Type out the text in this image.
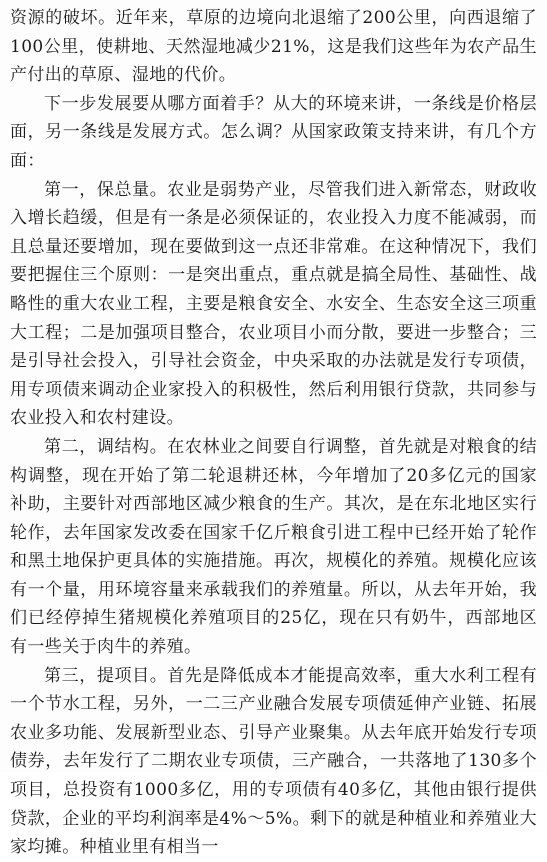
资源的破坏。近年来，草原的边境向北退缩了200公里，向西退缩了100公里，使耕地、天然湿地减少21%，这是我们这些年为农产品生产付出的草原、湿地的代价。

下一步发展要从哪方面着手？从大的环境来讲，一条线是价格层面，另一条线是发展方式。怎么调？从国家政策支持来讲，有几个方面：

第一，保总量。农业是弱势产业，尽管我们进入新常态，财政收入增长趋缓，但是有一条是必须保证的，农业投入力度不能减弱，而且总量还要增加，现在要做到这一点还非常难。在这种情况下，我们要把握住三个原则：一是突出重点，重点就是搞全局性、基础性、战略性的重大农业工程，主要是粮食安全、水安全、生态安全这三项重大工程；二是加强项目整合，农业项目小而分散，要进一步整合；三是引导社会投入，引导社会资金，中央采取的办法就是发行专项债，用专项债来调动企业家投入的积极性，然后利用银行贷款，共同参与农业投入和农村建设。

第二，调结构。在农林业之间要自行调整，首先就是对粮食的结构调整，现在开始了第二轮退耕还林，今年增加了20多亿元的国家补助，主要针对西部地区减少粮食的生产。其次，是在东北地区实行轮作，去年国家发改委在国家千亿斤粮食引进工程中已经开始了轮作和黑土地保护更具体的实施措施。再次，规模化的养殖。规模化应该有一个量，用环境容量来承载我们的养殖量。所以，从去年开始，我们已经停掉生猪规模化养殖项目的25亿，现在只有奶牛，西部地区有一些关于肉牛的养殖。

第三，提项目。首先是降低成本才能提高效率，重大水利工程有一个节水工程，另外，一二三产业融合发展专项债延伸产业链、拓展农业多功能、发展新型业态、引导产业聚集。从去年底开始发行专项债券，去年发行了二期农业专项债，三产融合，一共落地了130多个项目，总投资有1000多亿，用的专项债有40多亿，其他由银行提供贷款，企业的平均利润率是4%～5%。剩下的就是种植业和养殖业大家均摊。种植业里有相当一
